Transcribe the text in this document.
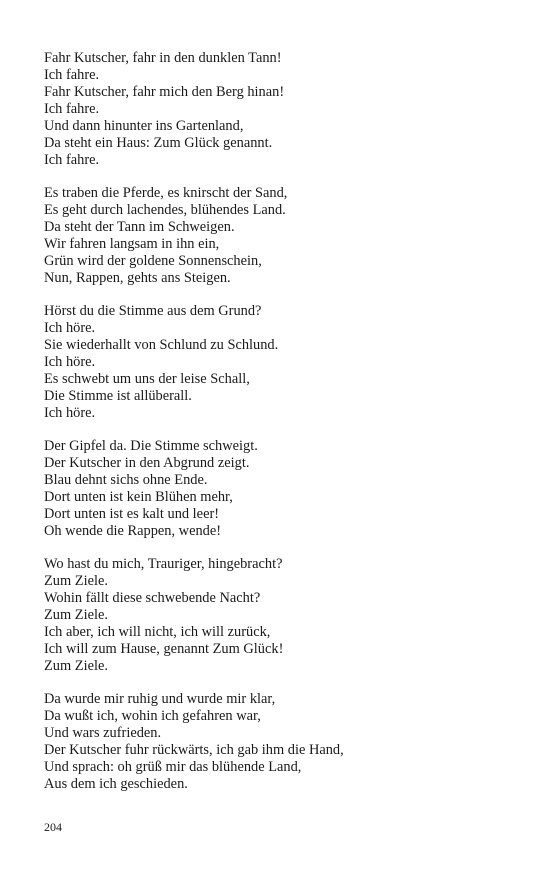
Fahr Kutscher, fahr in den dunklen Tann!
Ich fahre.
Fahr Kutscher, fahr mich den Berg hinan!
Ich fahre.
Und dann hinunter ins Gartenland,
Da steht ein Haus: Zum Glück genannt.
Ich fahre.
Es traben die Pferde, es knirscht der Sand,
Es geht durch lachendes, blühendes Land.
Da steht der Tann im Schweigen.
Wir fahren langsam in ihn ein,
Grün wird der goldene Sonnenschein,
Nun, Rappen, gehts ans Steigen.
Hörst du die Stimme aus dem Grund?
Ich höre.
Sie wiederhallt von Schlund zu Schlund.
Ich höre.
Es schwebt um uns der leise Schall,
Die Stimme ist allüberall.
Ich höre.
Der Gipfel da. Die Stimme schweigt.
Der Kutscher in den Abgrund zeigt.
Blau dehnt sichs ohne Ende.
Dort unten ist kein Blühen mehr,
Dort unten ist es kalt und leer!
Oh wende die Rappen, wende!
Wo hast du mich, Trauriger, hingebracht?
Zum Ziele.
Wohin fällt diese schwebende Nacht?
Zum Ziele.
Ich aber, ich will nicht, ich will zurück,
Ich will zum Hause, genannt Zum Glück!
Zum Ziele.
Da wurde mir ruhig und wurde mir klar,
Da wußt ich, wohin ich gefahren war,
Und wars zufrieden.
Der Kutscher fuhr rückwärts, ich gab ihm die Hand,
Und sprach: oh grüß mir das blühende Land,
Aus dem ich geschieden.
204
